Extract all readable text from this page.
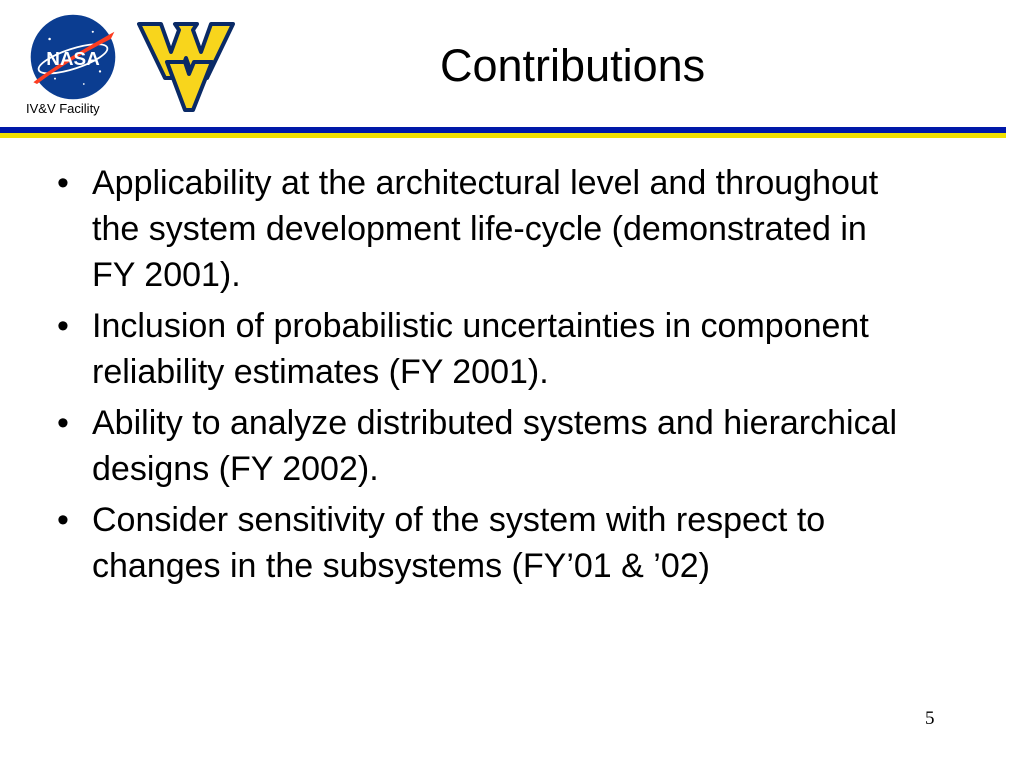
NASA
IV&V Facility
Contributions
• Applicability at the architectural level and throughout the system development life-cycle (demonstrated in FY 2001).
• Inclusion of probabilistic uncertainties in component reliability estimates (FY 2001).
• Ability to analyze distributed systems and hierarchical designs (FY 2002).
• Consider sensitivity of the system with respect to changes in the subsystems (FY’01 & ’02)
5
